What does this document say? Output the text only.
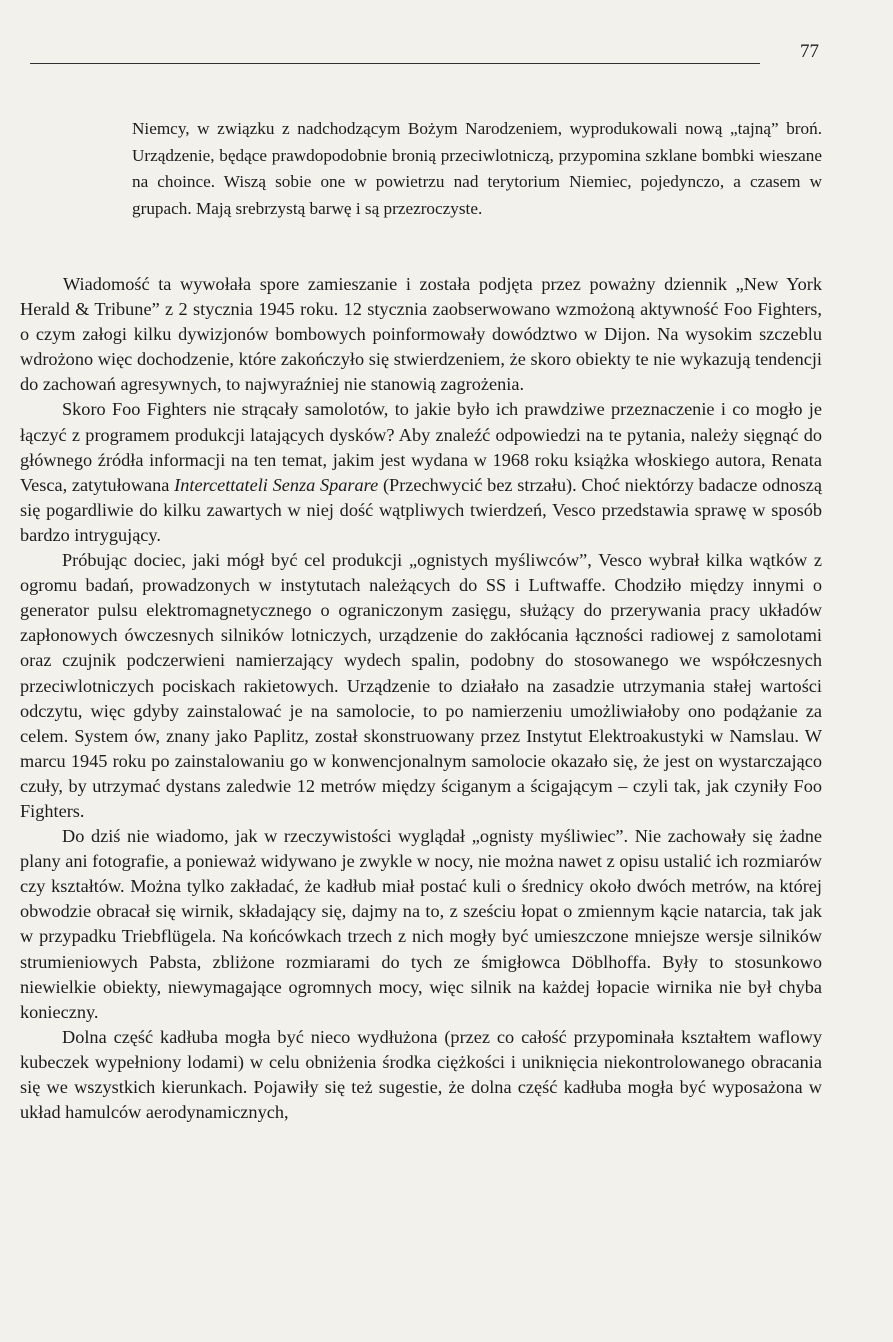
77

Niemcy, w związku z nadchodzącym Bożym Narodzeniem, wyprodukowali nową „tajną” broń. Urządzenie, będące prawdopodobnie bronią przeciwlotniczą, przypomina szklane bombki wieszane na choince. Wiszą sobie one w powietrzu nad terytorium Niemiec, pojedynczo, a czasem w grupach. Mają srebrzystą barwę i są przezroczyste.

Wiadomość ta wywołała spore zamieszanie i została podjęta przez poważny dziennik „New York Herald & Tribune” z 2 stycznia 1945 roku. 12 stycznia zaobserwowano wzmożoną aktywność Foo Fighters, o czym załogi kilku dywizjonów bombowych poinformowały dowództwo w Dijon. Na wysokim szczeblu wdrożono więc dochodzenie, które zakończyło się stwierdzeniem, że skoro obiekty te nie wykazują tendencji do zachowań agresywnych, to najwyraźniej nie stanowią zagrożenia.

Skoro Foo Fighters nie strącały samolotów, to jakie było ich prawdziwe przeznaczenie i co mogło je łączyć z programem produkcji latających dysków? Aby znaleźć odpowiedzi na te pytania, należy sięgnąć do głównego źródła informacji na ten temat, jakim jest wydana w 1968 roku książka włoskiego autora, Renata Vesca, zatytułowana Intercettateli Senza Sparare (Przechwycić bez strzału). Choć niektórzy badacze odnoszą się pogardliwie do kilku zawartych w niej dość wątpliwych twierdzeń, Vesco przedstawia sprawę w sposób bardzo intrygujący.

Próbując dociec, jaki mógł być cel produkcji „ognistych myśliwców”, Vesco wybrał kilka wątków z ogromu badań, prowadzonych w instytutach należących do SS i Luftwaffe. Chodziło między innymi o generator pulsu elektromagnetycznego o ograniczonym zasięgu, służący do przerywania pracy układów zapłonowych ówczesnych silników lotniczych, urządzenie do zakłócania łączności radiowej z samolotami oraz czujnik podczerwieni namierzający wydech spalin, podobny do stosowanego we współczesnych przeciwlotniczych pociskach rakietowych. Urządzenie to działało na zasadzie utrzymania stałej wartości odczytu, więc gdyby zainstalować je na samolocie, to po namierzeniu umożliwiałoby ono podążanie za celem. System ów, znany jako Paplitz, został skonstruowany przez Instytut Elektroakustyki w Namslau. W marcu 1945 roku po zainstalowaniu go w konwencjonalnym samolocie okazało się, że jest on wystarczająco czuły, by utrzymać dystans zaledwie 12 metrów między ściganym a ścigającym – czyli tak, jak czyniły Foo Fighters.

Do dziś nie wiadomo, jak w rzeczywistości wyglądał „ognisty myśliwiec”. Nie zachowały się żadne plany ani fotografie, a ponieważ widywano je zwykle w nocy, nie można nawet z opisu ustalić ich rozmiarów czy kształtów. Można tylko zakładać, że kadłub miał postać kuli o średnicy około dwóch metrów, na której obwodzie obracał się wirnik, składający się, dajmy na to, z sześciu łopat o zmiennym kącie natarcia, tak jak w przypadku Triebflügela. Na końcówkach trzech z nich mogły być umieszczone mniejsze wersje silników strumieniowych Pabsta, zbliżone rozmiarami do tych ze śmigłowca Döblhoffa. Były to stosunkowo niewielkie obiekty, niewymagające ogromnych mocy, więc silnik na każdej łopacie wirnika nie był chyba konieczny.

Dolna część kadłuba mogła być nieco wydłużona (przez co całość przypominała kształtem waflowy kubeczek wypełniony lodami) w celu obniżenia środka ciężkości i uniknięcia niekontrolowanego obracania się we wszystkich kierunkach. Pojawiły się też sugestie, że dolna część kadłuba mogła być wyposażona w układ hamulców aerodynamicznych,
